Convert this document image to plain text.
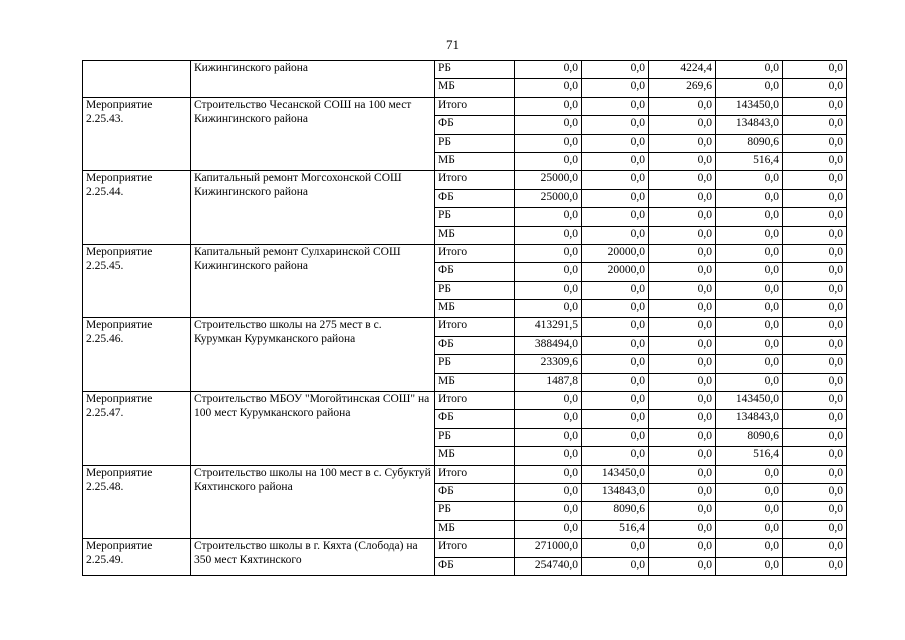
71
	Кижингинского района	РБ	0,0	0,0	4224,4	0,0	0,0
		МБ	0,0	0,0	269,6	0,0	0,0
Мероприятие 2.25.43.	Строительство Чесанской СОШ на 100 мест Кижингинского района	Итого	0,0	0,0	0,0	143450,0	0,0
		ФБ	0,0	0,0	0,0	134843,0	0,0
		РБ	0,0	0,0	0,0	8090,6	0,0
		МБ	0,0	0,0	0,0	516,4	0,0
Мероприятие 2.25.44.	Капитальный ремонт Могсохонской СОШ Кижингинского района	Итого	25000,0	0,0	0,0	0,0	0,0
		ФБ	25000,0	0,0	0,0	0,0	0,0
		РБ	0,0	0,0	0,0	0,0	0,0
		МБ	0,0	0,0	0,0	0,0	0,0
Мероприятие 2.25.45.	Капитальный ремонт Сулхаринской СОШ Кижингинского района	Итого	0,0	20000,0	0,0	0,0	0,0
		ФБ	0,0	20000,0	0,0	0,0	0,0
		РБ	0,0	0,0	0,0	0,0	0,0
		МБ	0,0	0,0	0,0	0,0	0,0
Мероприятие 2.25.46.	Строительство школы на 275 мест в с. Курумкан Курумканского района	Итого	413291,5	0,0	0,0	0,0	0,0
		ФБ	388494,0	0,0	0,0	0,0	0,0
		РБ	23309,6	0,0	0,0	0,0	0,0
		МБ	1487,8	0,0	0,0	0,0	0,0
Мероприятие 2.25.47.	Строительство МБОУ "Могойтинская СОШ" на 100 мест Курумканского района	Итого	0,0	0,0	0,0	143450,0	0,0
		ФБ	0,0	0,0	0,0	134843,0	0,0
		РБ	0,0	0,0	0,0	8090,6	0,0
		МБ	0,0	0,0	0,0	516,4	0,0
Мероприятие 2.25.48.	Строительство школы на 100 мест в с. Субуктуй Кяхтинского района	Итого	0,0	143450,0	0,0	0,0	0,0
		ФБ	0,0	134843,0	0,0	0,0	0,0
		РБ	0,0	8090,6	0,0	0,0	0,0
		МБ	0,0	516,4	0,0	0,0	0,0
Мероприятие 2.25.49.	Строительство школы в г. Кяхта (Слобода) на 350 мест Кяхтинского	Итого	271000,0	0,0	0,0	0,0	0,0
		ФБ	254740,0	0,0	0,0	0,0	0,0
